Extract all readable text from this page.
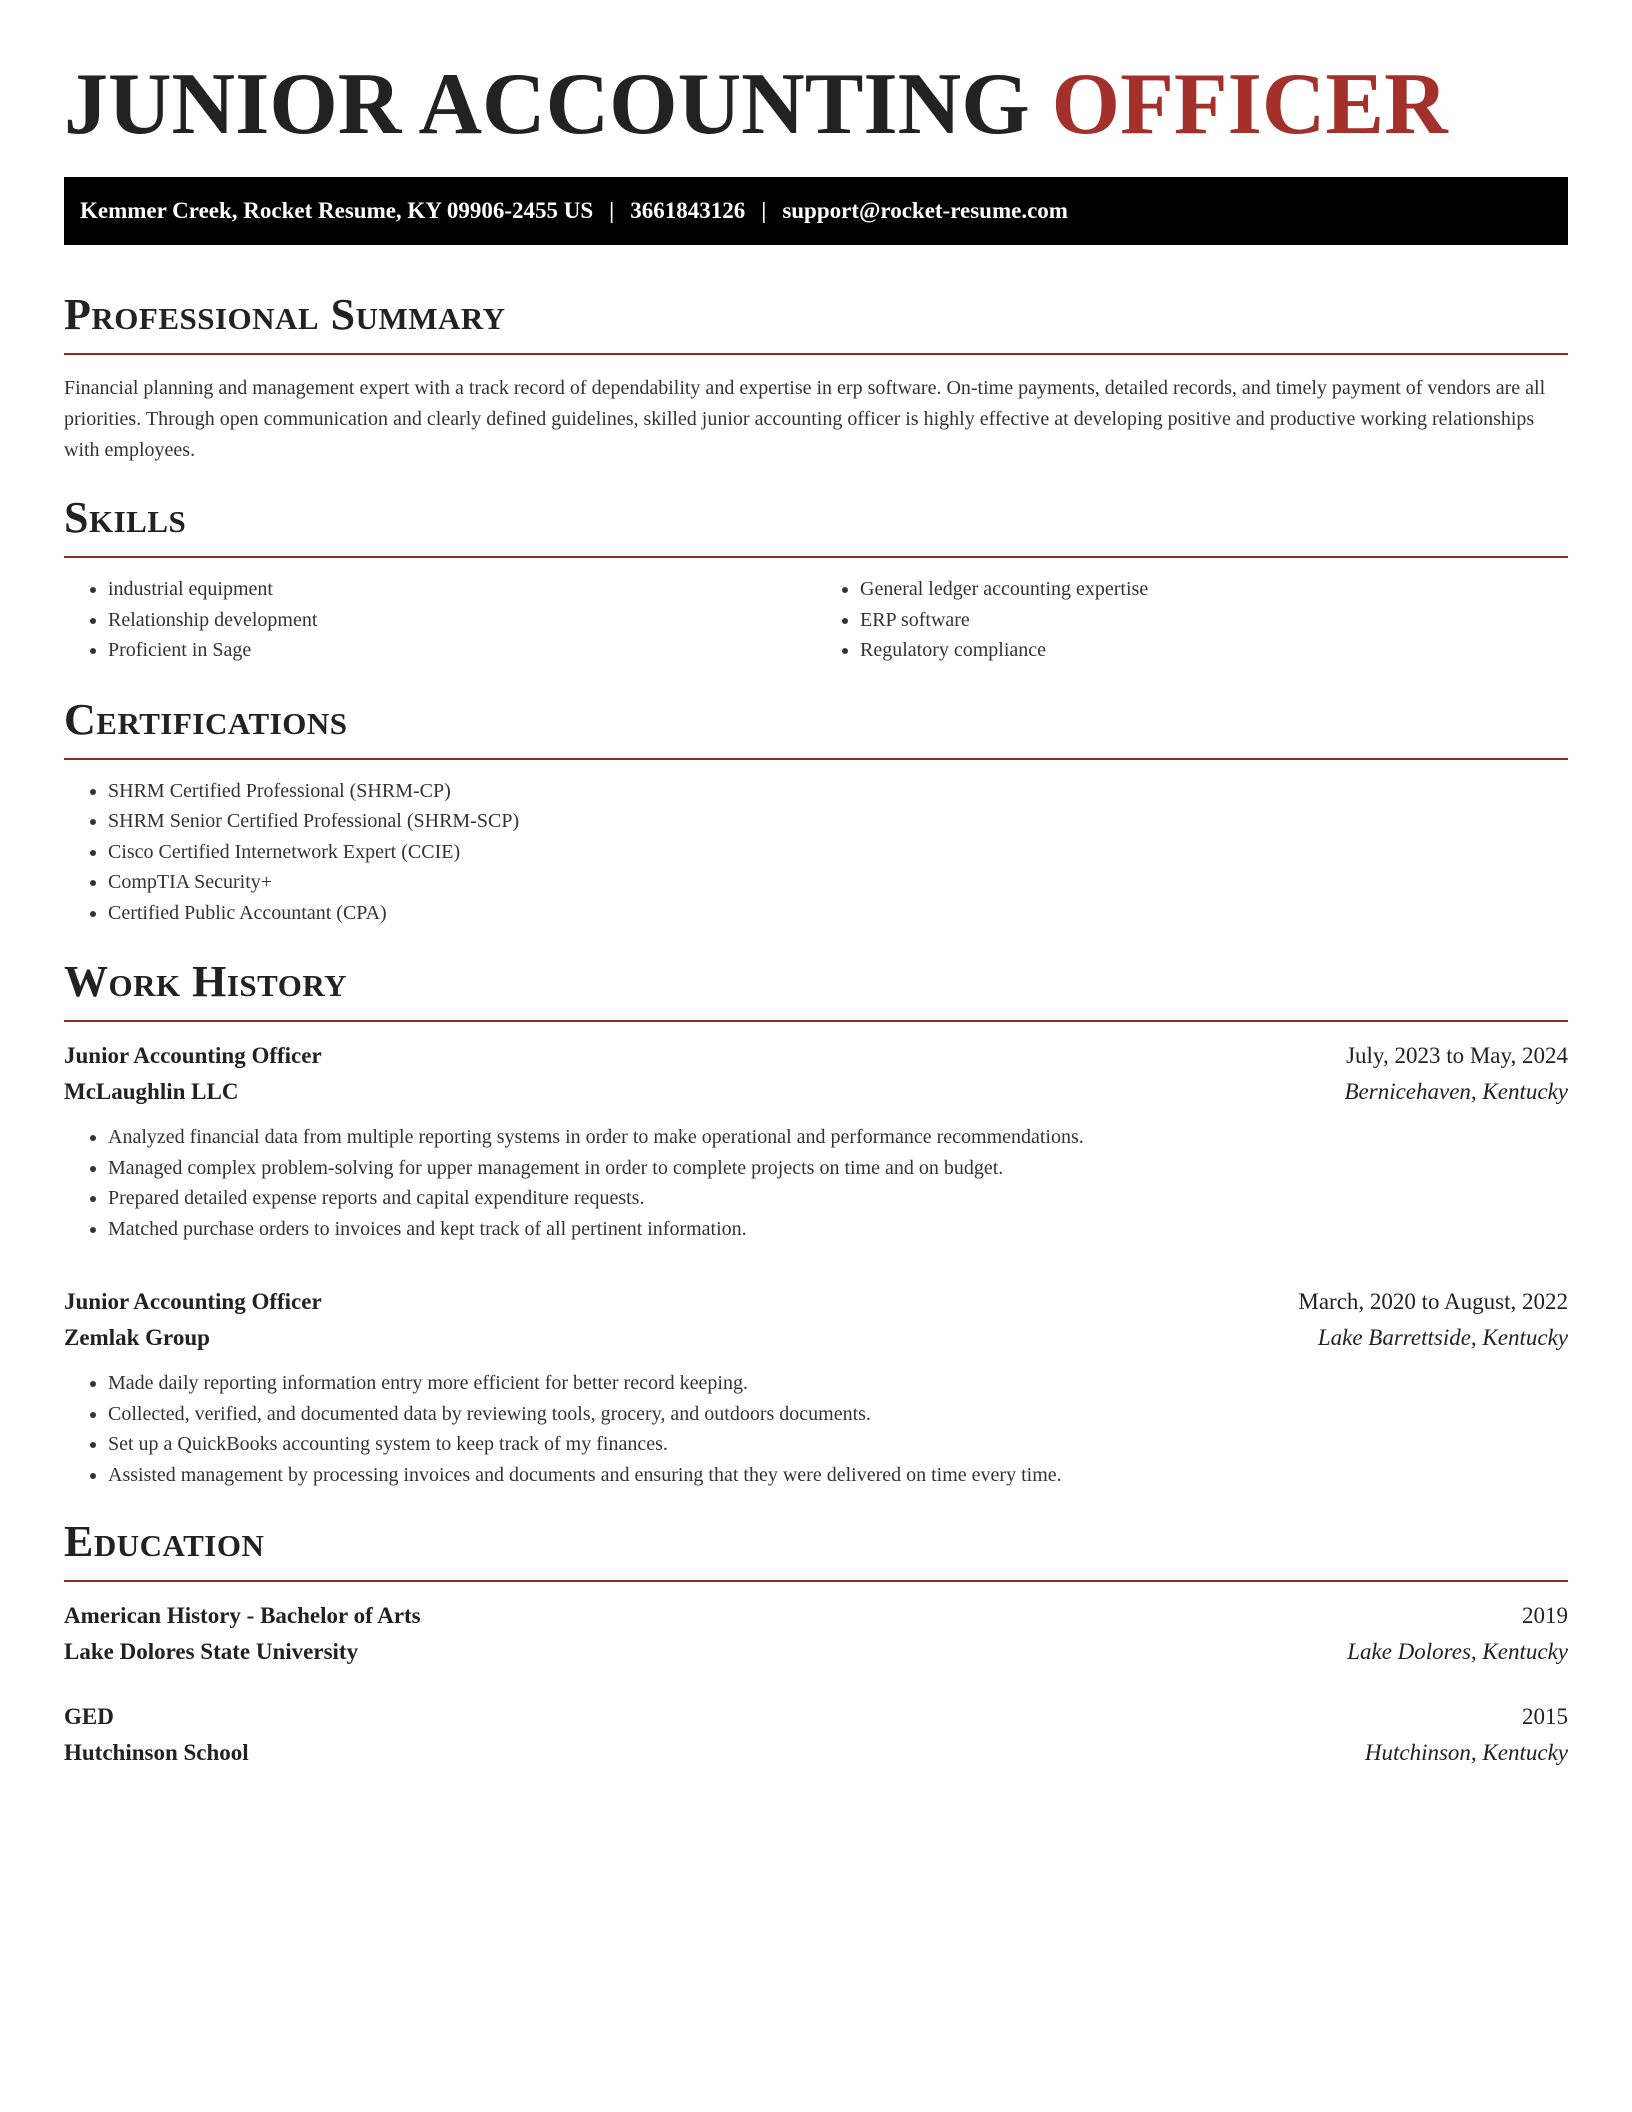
JUNIOR ACCOUNTING OFFICER
Kemmer Creek, Rocket Resume, KY 09906-2455 US | 3661843126 | support@rocket-resume.com
Professional Summary

Financial planning and management expert with a track record of dependability and expertise in erp software. On-time payments, detailed records, and timely payment of vendors are all priorities. Through open communication and clearly defined guidelines, skilled junior accounting officer is highly effective at developing positive and productive working relationships with employees.

Skills
• industrial equipment
• Relationship development
• Proficient in Sage
• General ledger accounting expertise
• ERP software
• Regulatory compliance
Certifications
• SHRM Certified Professional (SHRM-CP)
• SHRM Senior Certified Professional (SHRM-SCP)
• Cisco Certified Internetwork Expert (CCIE)
• CompTIA Security+
• Certified Public Accountant (CPA)
Work History
Junior Accounting Officer	July, 2023 to May, 2024
McLaughlin LLC	Bernicehaven, Kentucky
• Analyzed financial data from multiple reporting systems in order to make operational and performance recommendations.
• Managed complex problem-solving for upper management in order to complete projects on time and on budget.
• Prepared detailed expense reports and capital expenditure requests.
• Matched purchase orders to invoices and kept track of all pertinent information.
Junior Accounting Officer	March, 2020 to August, 2022
Zemlak Group	Lake Barrettside, Kentucky
• Made daily reporting information entry more efficient for better record keeping.
• Collected, verified, and documented data by reviewing tools, grocery, and outdoors documents.
• Set up a QuickBooks accounting system to keep track of my finances.
• Assisted management by processing invoices and documents and ensuring that they were delivered on time every time.
Education
American History - Bachelor of Arts	2019
Lake Dolores State University	Lake Dolores, Kentucky
GED	2015
Hutchinson School	Hutchinson, Kentucky
